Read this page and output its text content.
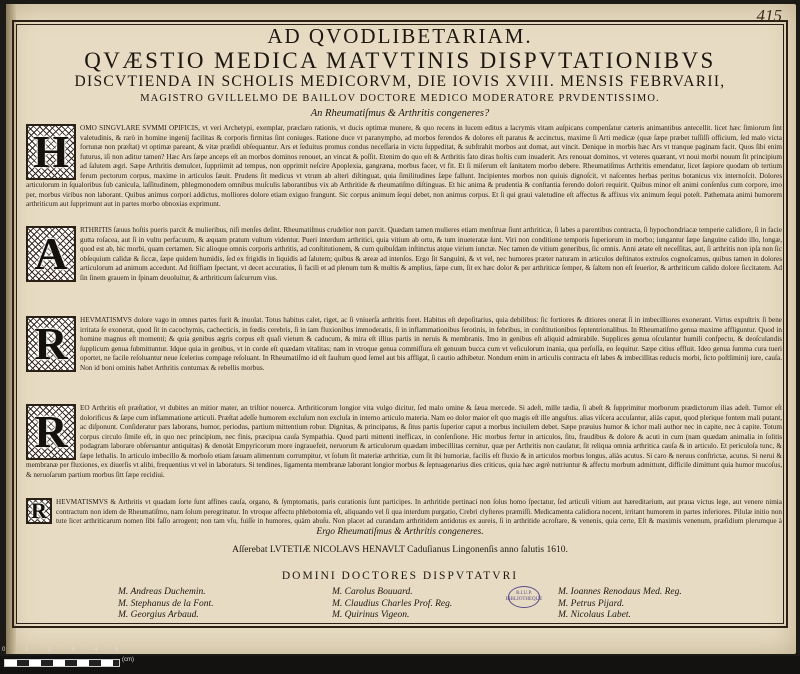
415
AD QVODLIBETARIAM.
QVÆSTIO MEDICA MATVTINIS DISPVTATIONIBVS
DISCVTIENDA IN SCHOLIS MEDICORVM, DIE IOVIS XVIII. MENSIS FEBRVARII,
MAGISTRO GVILLELMO DE BAILLOV DOCTORE MEDICO MODERATORE PRVDENTISSIMO.
An Rheumatiſmus & Arthritis congeneres?
H	OMO SINGVLARE SVMMI OPIFICIS, vt veri Archetypi, exemplar, præclaro rationis, vt ducis optimæ munere, & quo recens in lucem editus a lacrymis vitam auſpicans compenſatur cæteris animantibus antecellit. licet hæc ſimiorum ſint valetudinis, & rarò in homine ingenij facilitas & corporis firmitas ſint coniuges. Ratione duce vt paranympho, ad morbos ferendos & dolores eſt paratus & accinctus, maxime ſi Arti medicæ (quæ ſæpe præbet tuſſiſſi officium, ſed malo victa fortunæ non præſtat) vt optimæ pareant, & vitæ præſidi obſequantur. Ars et ſeduitus promus condus neceſſaria in victu ſuppeditat, & subſtrahit morbos aut domat, aut vincit. Denique in morbis hæc Ars vt tranque paginam facit. Quos ſibi enim futurus, iſi non aditur tamen? Hæc Ars ſæpe anceps eſt an morbos dominos renouet, an vincat & poſſit. Etenim do quo eſt & Arthritis fato diras hoſtis cum inuaderit. Ars renouat dominos, vt veteres quærant, vt noui morbi nouum ſit principium ad ſalutem ægri. Sæpe Arthritis demulcet, ſuppriimit ad tempus, non opprimit neſcire Apoplexia, gangræna, morbus facer, vt fit. Et ſi miſerum eſt ſanitatem morbo debere. Rheumatiſmus Arthritis emendatur, licet ſæpiore quodam ob tertium ferum pectorum corpus, maxime in articulos ſæuit. Prudens ſit medicus vt vtrum ab alteri diſtinguat, quia ſimilitudines ſæpe fallunt. Incipientes morbos non quiuis dignoſcit, vt naſcentes herbas peritus botanicus vix internoſcit. Dolores articulorum in ſqualoribus ſub canicula, laſſitudinem, phlegmonodem omnibus muſculis laborantibus vix ab Arthritide & rheumatiſmo diſtinguas. Et hic anima & prudentia & conſtantia ferendo dolori requirit. Quibus minor eſt animi conſenſus cum corpore, imo per, morbus viribus non laborant. Quibus animus corpori addictus, molliores dolore etiam exiguo frangunt. Sic corpus animum ſequi debet, non animus corpus. Et ſi qui graui valetudine eſt affectus & affixus vix animum ſequi poteſt. Pathemata animi humorem arthriticum aut ſupprimunt aut in partes morbo obnoxias exprimunt.
A	RTHRITIS ſæuus hoſtis pueris parcit & mulieribus, niſi menſes deſint. Rheumatiſmus crudelior non parcit. Quædam tamen mulieres etiam menſtruæ ſiunt arthriticæ, ſi labes a parentibus contracta, ſi hypochondriacæ temperie calidiore, ſi in facie gutta roſacea, aut ſi in vultu perfacuum, & æquam pratum vultum videntur. Pueri interdum arthritici, quia vitium ab ortu, & tum inueteratæ ſunt. Viri non conditione temporis ſuperiorum in morbo; iungantur ſæpe ſanguine calido illo, longæ, quod est ab, hic morbi, quam certamen. Sic alioque omnis corporis arthritis, ad conſtitutionem, & cum quibuſdam inſtinctus atque virium iunctæ. Nec tamen de vitium generibus, ſic omnis. Anni ætate eſt neceſſitas, aut, ſi arthritis non ipſa non ſic obſequium calidæ & ſiccæ, ſæpe quidem humidis, ſed ex frigidis in liquidis ad ſalutem; quibus & æreæ ad intenſos. Ergo ſit Sanguini, & vt vel, nec humores præter naturam in articulos deſtinatos extruſos cognoſcamus, quibus tamen in dolores articulorum ad animum accedunt. Ad ſitiſfiam ſpectant, vt decet accuratius, ſi facili et ad plenum tum & multis & amplius, ſæpe cum, ſit ex hæc dolor & per arthriticæ ſemper, & ſaltem non eſt ſeuerior, & arthriticum calido dolore ſiccitatem. Ad ſin ſinem grauem in ſpinam deuoluitur, & arthriticum ſaſcurrum vius.
R	HEVMATISMVS dolore vago in omnes partes furit & inuolat. Totus habitus calet, riget, ac ſi vniuerſa arthritis foret. Habitus eſt depoſitarius, quia debilibus: ſic fortiores & ditiores onerat ſi in imbecilliores exonerant. Virtus expultrix ſi bene irritata ſe exonerat, quod ſit in cacochymis, cachecticis, in fœdis cerebris, ſi in iam fluxionibus immoderatis, ſi in inflammationibus ſerotinis, in febribus, in conſtitutionibus ſeptentrionalibus. In Rheumatiſmo genua maxime affliguntur. Quod in homine magnus eſt momenti; & quia genibus ægris corpus eſt quaſi vietum & caducum, & mira eſt illius partis in neruis & membranis. Imo in genibus eſt aliquid admirabile. Supplices genua oſculantur humili conſpectu, & deoſculandis ſupplicum genua ſubmittuntur. Idque quia in genibus, vt in corde eſt quædam vitalitas; nam in vtroque genua commiſſura eſt genuum bucca cum vt veſiculorum inania, qua perſoſſa, eo ſequitur. Sæpe citius effluit. Ideo genua ſumma cura tueri oportet, ne facile reſoluantur neue ſcelerius compage reſoluant. In Rheumatiſmo id eſt fauſtum quod ſemel aut bis affligat, ſi cautio adhibetur. Nondum enim in articulis contracta eſt labes & imbecillitas reducis morbi, ſicto poſtliminij iure, cauſa. Non id boni ominis habet Arthritis contumax & rebellis morbus.
R	EO Arthritis eſt præſtatior, vt dubites an mitior mater, an triſtior nouerca. Arthriticorum longior vita vulgo dicitur, ſed malo omine & ſæua mercede. Si adeſt, mille tædia, ſi abeſt & ſupprimitur morborum prædictorum ilias adeſt. Tumor eſt dolorificus & ſæpe cum inflammatione articuli. Præſtat adeſſe humorem excluſum non excluſa in interno articulo materia. Nam eo dolor maior eſt quo magis eſt ille anguſtus. alias viſcera accuſantur, aliàs caput, quod plerique fontem mali putant, ac diſponunt. Conſideratur pars laborans, humor, periodus, partium mittentium robur. Dignitas, & principatus, & ſitus partis ſuperior caput a morbus inciuilem debet. Sæpe præuius humor & ichor mali author nec in capite, nec à capite. Totum corpus circulo ſimile eſt, in quo nec principium, nec finis, præcipua cauſa Sympathia. Quod parti mittenti inefficax, in conſenſione. Hic morbus fertur in articulos, ſitu, fraudibus & dolore & acuti in cum (nam quædam animalia in ſolitis podagram laborare obſeruantur antiquitas) & denotàt Empyricorum more ingrauefeit, neruorum & articulorum quædam imbecillitas cernitur, quæ per Arthritis non cauſatur, ſit reliqua omnia arthritica cauſa & in articulo. Et periculoſa tunc, & ſæpe lethalis. In articulo imbecillo & morboſo etiam ſæuam alimentum corrumpitur, vt ſolum ſit materiæ arthritiæ, cum ſit ibi humoriæ, facilis eſt fluxio & in articulos morbus longus, aliàs acutus. Si caro & neruus conſtrictæ, acutus. Si nerui & membranæ per fluxiones, ex diuerſis vt alibi, frequentius vt vel in laboraturs. Si tendines, ligamenta membranæ laborant longior morbus & ſeptuagenarius dies criticus, quia hæc ægrè nutriuntur & affectu morbum admittunt, difficile dimittunt quia humor mucoſus, & neruoſarum partium morbus ſitt ſæpe recidiui.
R	HEVMATISMVS & Arthritis vt quadam ſorte ſunt affines cauſa, organo, & ſymptomatis, paris curationis ſunt participes. In arthritide pertinaci non ſolus homo ſpectatur, ſed articuli vitium aut hæreditarium, aut praua victus lege, aut venere nimia contractum non idem de Rheumatiſmo, nam ſolum peregrinatur. In vtroque affectu phlebotomia eſt, aliquando vel ſi qua interdum purgatio, Crebri clyſteres præmiſſi. Medicamenta calidiora nocent, irritant humorem in partes inferiores. Pilulæ initio non tute licet arthriticarum nomen ſibi faſſo arrogent; non tam vſu, fuiſſe in humores, quàm abuſu. Non placet ad curandam arthritidem antidotus ex aureis, ſi in arthritide acroſtare, & venenis, quia certe, Eſt & maximis venenum, præſidium plerumque à
Ergo Rheumatiſmus & Arthritis congeneres.
Aſſerebat LVTETIÆ NICOLAVS HENAVLT Caduſianus Lingonenſis anno ſalutis 1610.
DOMINI DOCTORES DISPVTATVRI
M. Andreas Duchemin.
M. Stephanus de la Font.
M. Georgius Arbaud.
M. Carolus Bouuard.
M. Claudius Charles Prof. Reg.
M. Quirinus Vigeon.
M. Ioannes Renodaus Med. Reg.
M. Petrus Pijard.
M. Nicolaus Labet.
B.I.U.P. BIBLIOTHEQUE
0	1	2	3	4	5
(cm)
